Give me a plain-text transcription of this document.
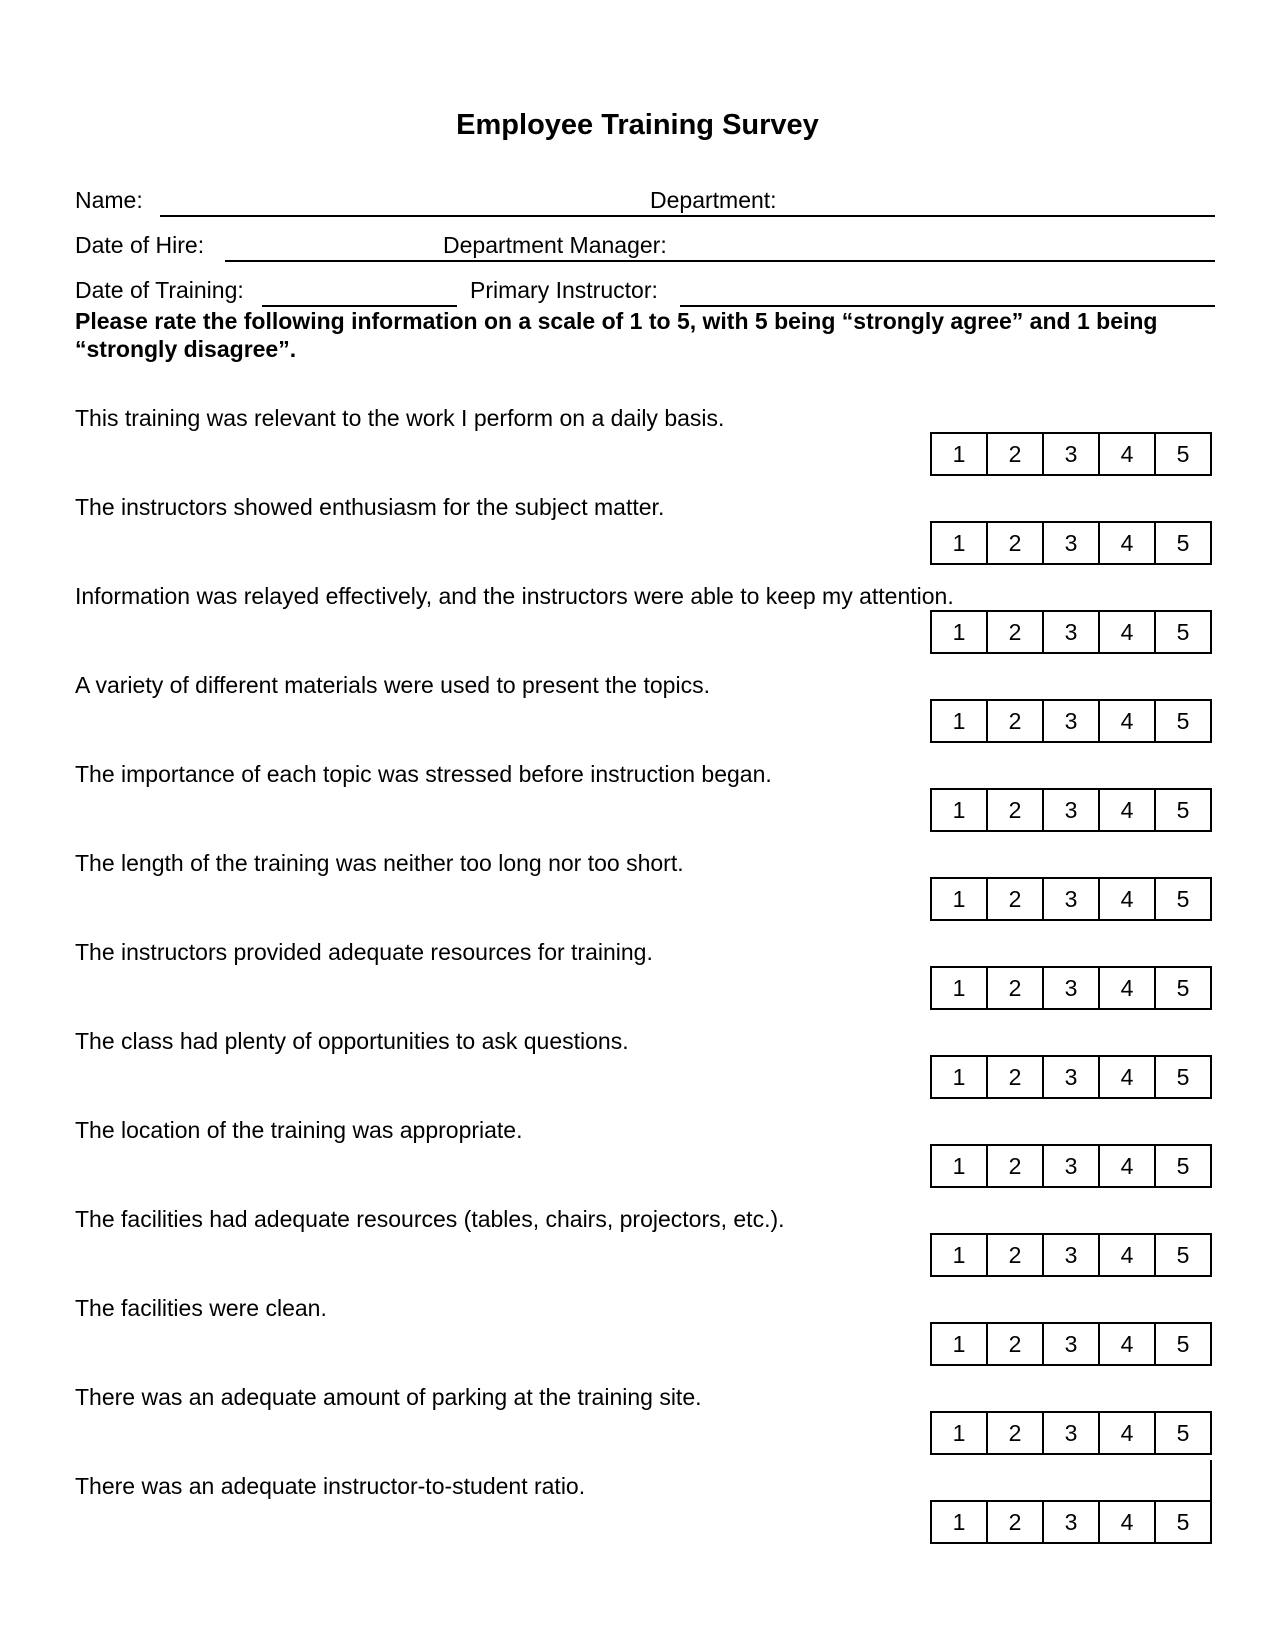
Employee Training Survey
Name:	Department:
Date of Hire:	Department Manager:
Date of Training:	Primary Instructor:
Please rate the following information on a scale of 1 to 5, with 5 being “strongly agree” and 1 being “strongly disagree”.
This training was relevant to the work I perform on a daily basis.
1	2	3	4	5
The instructors showed enthusiasm for the subject matter.
1	2	3	4	5
Information was relayed effectively, and the instructors were able to keep my attention.
1	2	3	4	5
A variety of different materials were used to present the topics.
1	2	3	4	5
The importance of each topic was stressed before instruction began.
1	2	3	4	5
The length of the training was neither too long nor too short.
1	2	3	4	5
The instructors provided adequate resources for training.
1	2	3	4	5
The class had plenty of opportunities to ask questions.
1	2	3	4	5
The location of the training was appropriate.
1	2	3	4	5
The facilities had adequate resources (tables, chairs, projectors, etc.).
1	2	3	4	5
The facilities were clean.
1	2	3	4	5
There was an adequate amount of parking at the training site.
1	2	3	4	5
There was an adequate instructor-to-student ratio.
1	2	3	4	5
